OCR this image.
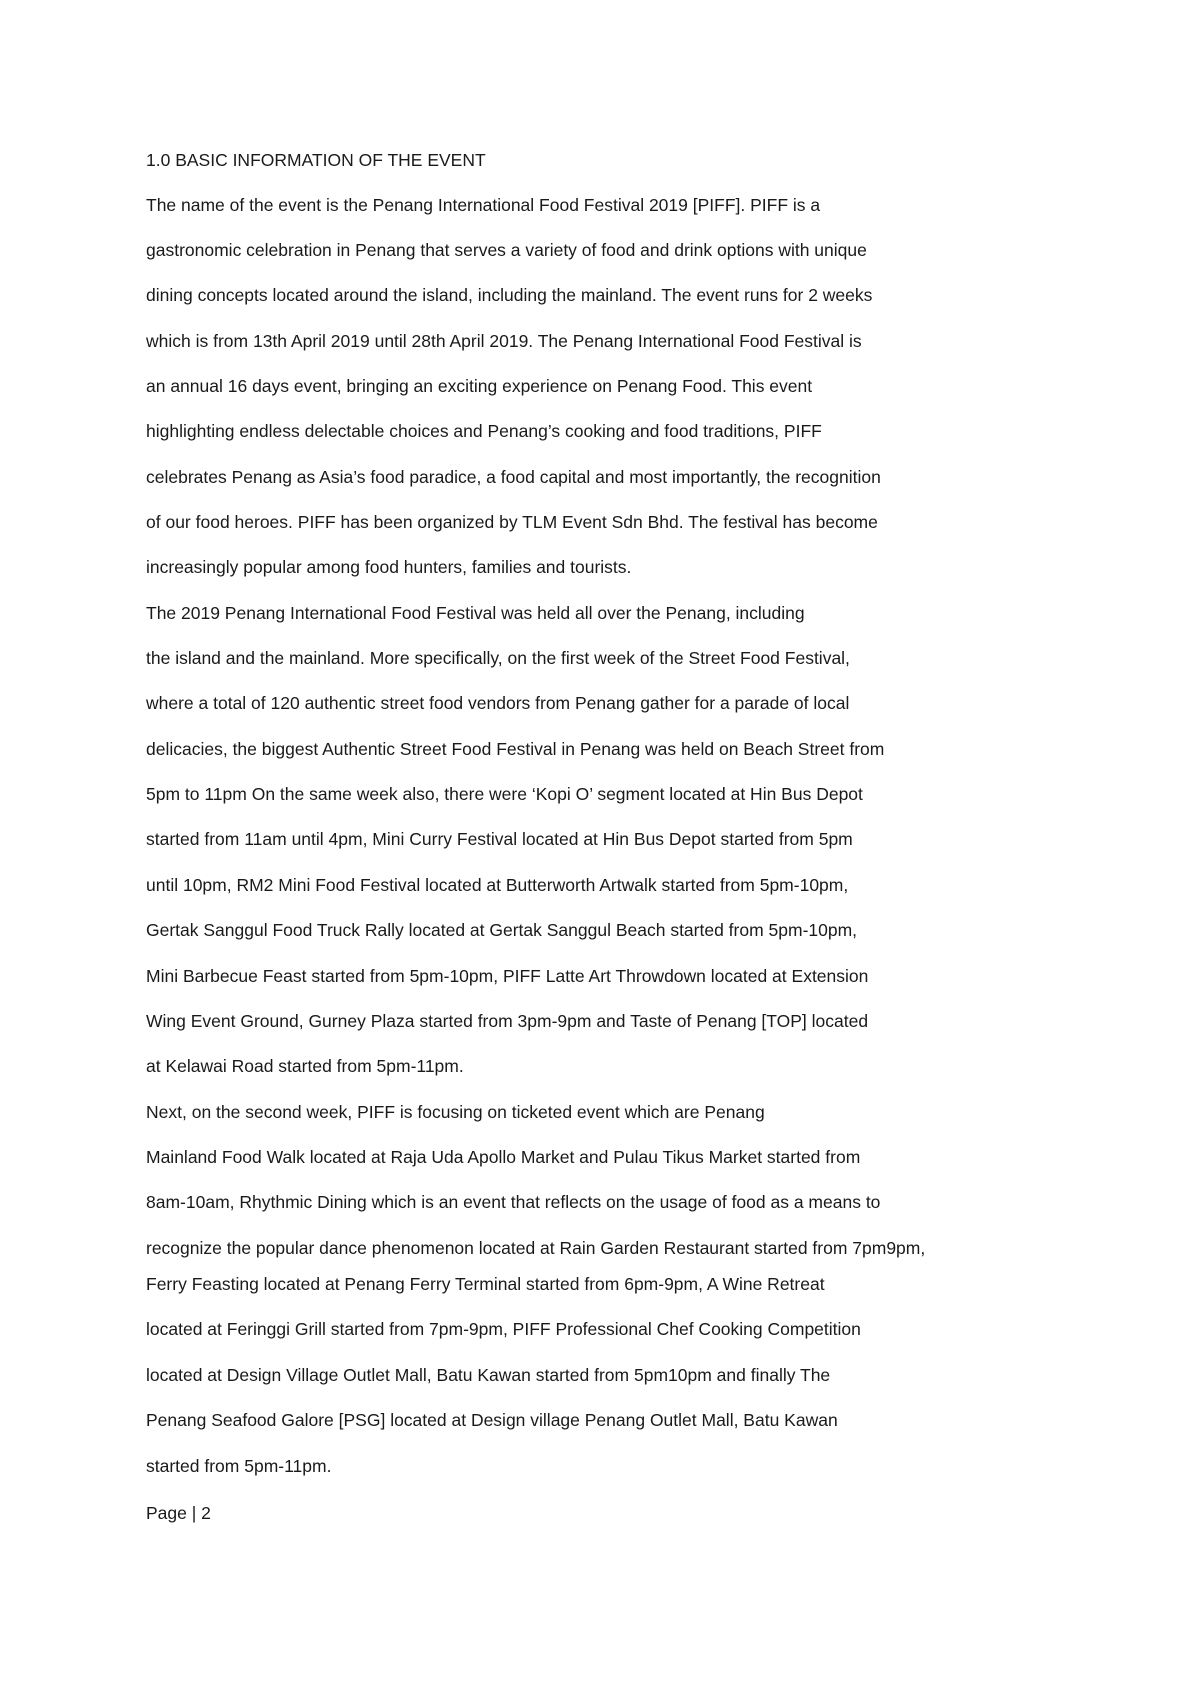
1.0 BASIC INFORMATION OF THE EVENT
The name of the event is the Penang International Food Festival 2019 [PIFF]. PIFF is a
gastronomic celebration in Penang that serves a variety of food and drink options with unique
dining concepts located around the island, including the mainland. The event runs for 2 weeks
which is from 13th April 2019 until 28th April 2019. The Penang International Food Festival is
an annual 16 days event, bringing an exciting experience on Penang Food. This event
highlighting endless delectable choices and Penang’s cooking and food traditions, PIFF
celebrates Penang as Asia’s food paradice, a food capital and most importantly, the recognition
of our food heroes. PIFF has been organized by TLM Event Sdn Bhd. The festival has become
increasingly popular among food hunters, families and tourists.
The 2019 Penang International Food Festival was held all over the Penang, including
the island and the mainland. More specifically, on the first week of the Street Food Festival,
where a total of 120 authentic street food vendors from Penang gather for a parade of local
delicacies, the biggest Authentic Street Food Festival in Penang was held on Beach Street from
5pm to 11pm On the same week also, there were ‘Kopi O’ segment located at Hin Bus Depot
started from 11am until 4pm, Mini Curry Festival located at Hin Bus Depot started from 5pm
until 10pm, RM2 Mini Food Festival located at Butterworth Artwalk started from 5pm-10pm,
Gertak Sanggul Food Truck Rally located at Gertak Sanggul Beach started from 5pm-10pm,
Mini Barbecue Feast started from 5pm-10pm, PIFF Latte Art Throwdown located at Extension
Wing Event Ground, Gurney Plaza started from 3pm-9pm and Taste of Penang [TOP] located
at Kelawai Road started from 5pm-11pm.
Next, on the second week, PIFF is focusing on ticketed event which are Penang
Mainland Food Walk located at Raja Uda Apollo Market and Pulau Tikus Market started from
8am-10am, Rhythmic Dining which is an event that reflects on the usage of food as a means to
recognize the popular dance phenomenon located at Rain Garden Restaurant started from 7pm9pm,
Ferry Feasting located at Penang Ferry Terminal started from 6pm-9pm, A Wine Retreat
located at Feringgi Grill started from 7pm-9pm, PIFF Professional Chef Cooking Competition
located at Design Village Outlet Mall, Batu Kawan started from 5pm10pm and finally The
Penang Seafood Galore [PSG] located at Design village Penang Outlet Mall, Batu Kawan
started from 5pm-11pm.
Page | 2
